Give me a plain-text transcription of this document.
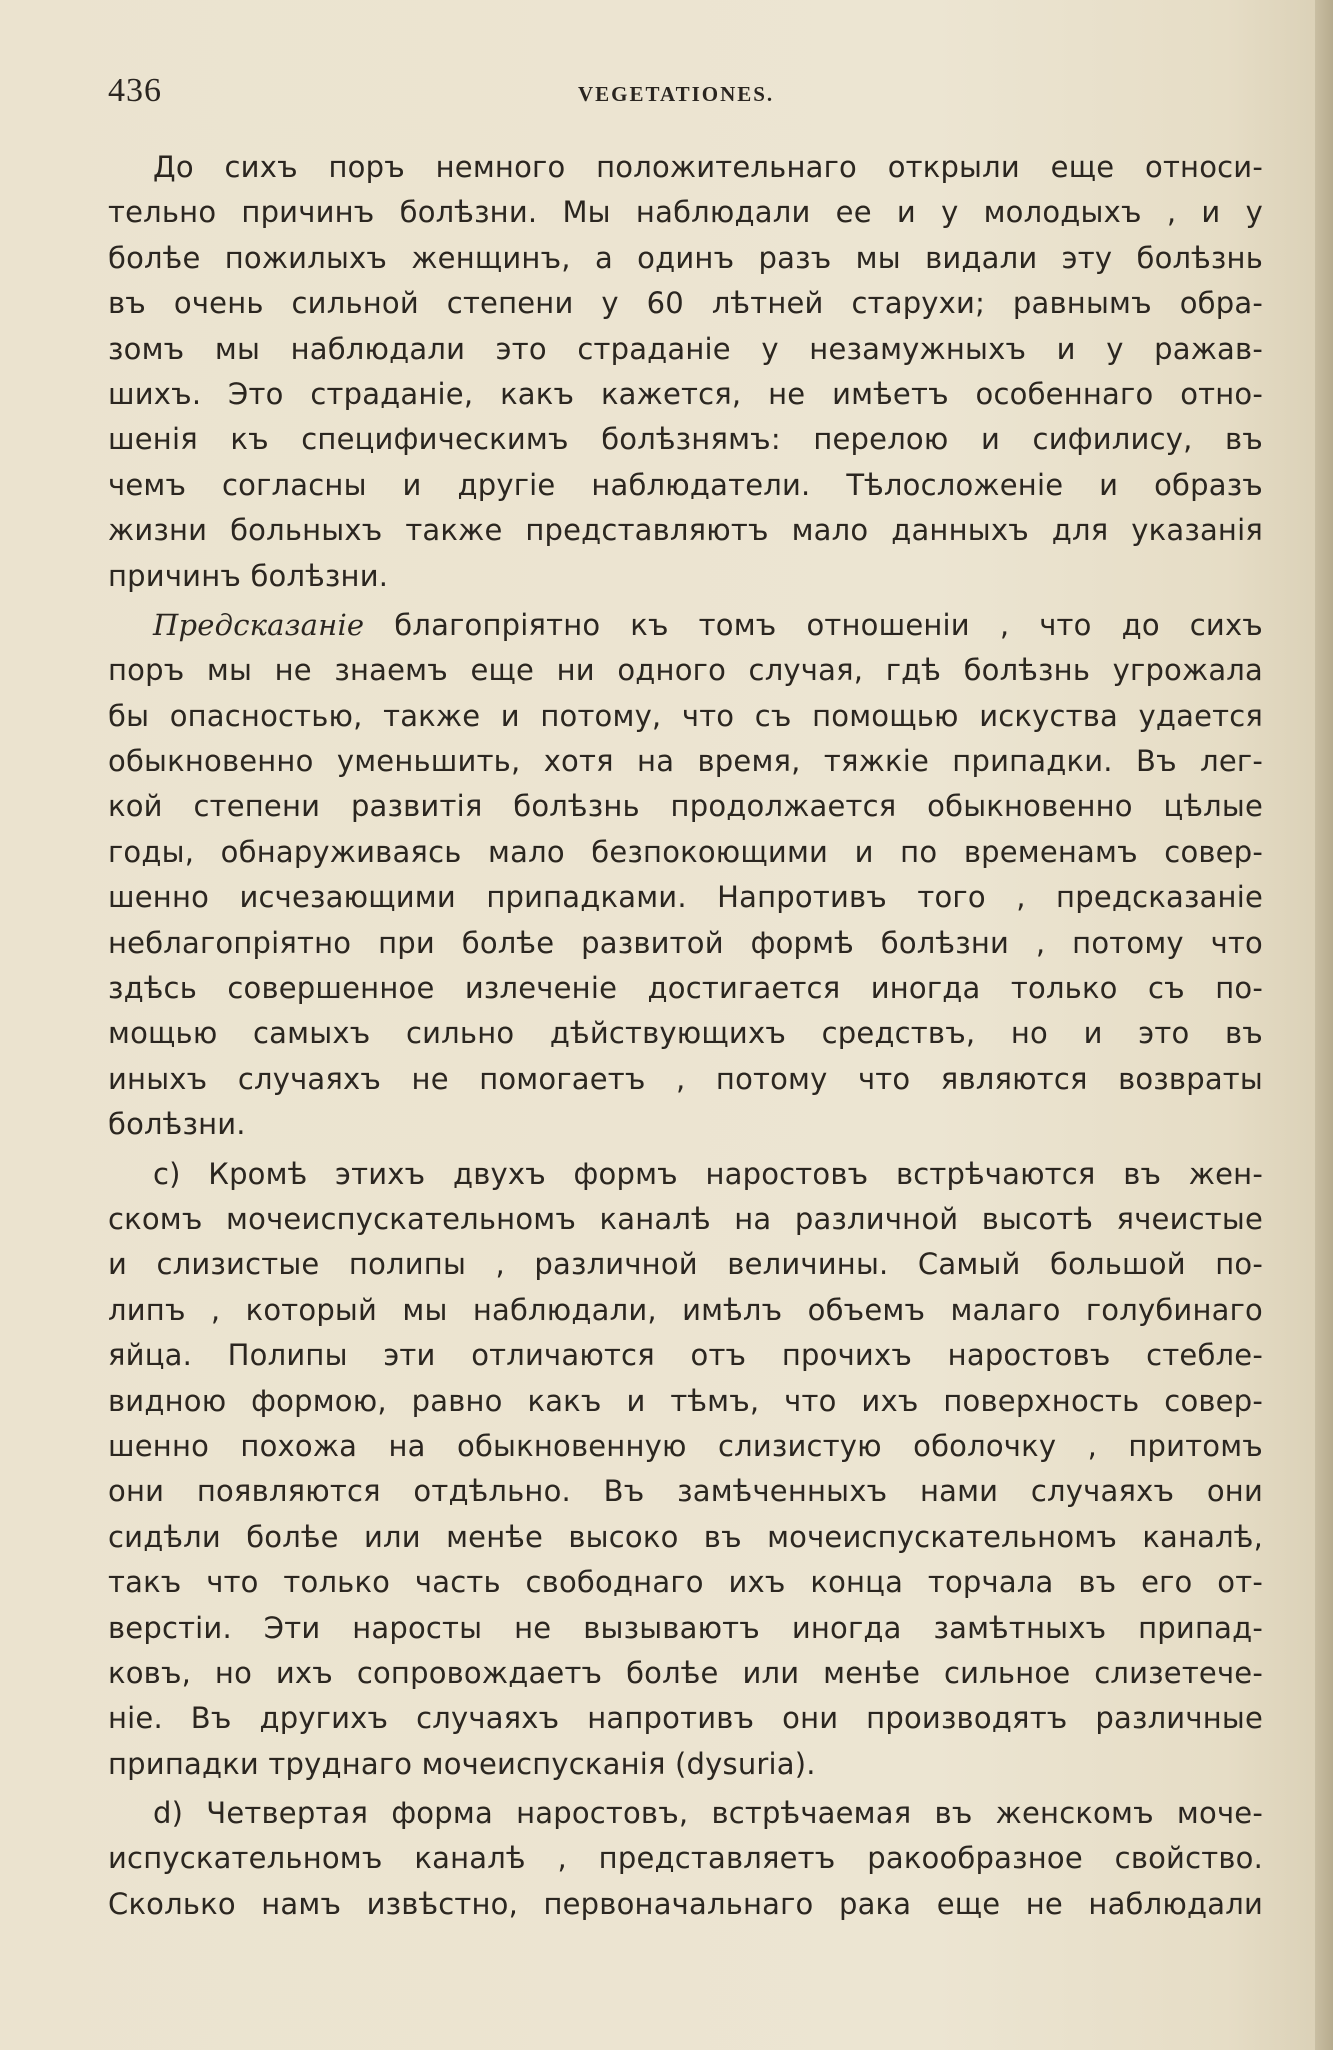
436	VEGETATIONES.
До сихъ поръ немного положительнаго открыли еще относи-
тельно причинъ болѣзни. Мы наблюдали ее и у молодыхъ , и у
болѣе пожилыхъ женщинъ, а одинъ разъ мы видали эту болѣзнь
въ очень сильной степени у 60 лѣтней старухи; равнымъ обра-
зомъ мы наблюдали это страданіе у незамужныхъ и у ражав-
шихъ. Это страданіе, какъ кажется, не имѣетъ особеннаго отно-
шенія къ специфическимъ болѣзнямъ: перелою и сифилису, въ
чемъ согласны и другіе наблюдатели. Тѣлосложеніе и образъ
жизни больныхъ также представляютъ мало данныхъ для указанія
причинъ болѣзни.
Предсказаніе благопріятно къ томъ отношеніи , что до сихъ
поръ мы не знаемъ еще ни одного случая, гдѣ болѣзнь угрожала
бы опасностью, также и потому, что съ помощью искуства удается
обыкновенно уменьшить, хотя на время, тяжкіе припадки. Въ лег-
кой степени развитія болѣзнь продолжается обыкновенно цѣлые
годы, обнаруживаясь мало безпокоющими и по временамъ совер-
шенно исчезающими припадками. Напротивъ того , предсказаніе
неблагопріятно при болѣе развитой формѣ болѣзни , потому что
здѣсь совершенное излеченіе достигается иногда только съ по-
мощью самыхъ сильно дѣйствующихъ средствъ, но и это въ
иныхъ случаяхъ не помогаетъ , потому что являются возвраты
болѣзни.
c) Кромѣ этихъ двухъ формъ наростовъ встрѣчаются въ жен-
скомъ мочеиспускательномъ каналѣ на различной высотѣ ячеистые
и слизистые полипы , различной величины. Самый большой по-
липъ , который мы наблюдали, имѣлъ объемъ малаго голубинаго
яйца. Полипы эти отличаются отъ прочихъ наростовъ стебле-
видною формою, равно какъ и тѣмъ, что ихъ поверхность совер-
шенно похожа на обыкновенную слизистую оболочку , притомъ
они появляются отдѣльно. Въ замѣченныхъ нами случаяхъ они
сидѣли болѣе или менѣе высоко въ мочеиспускательномъ каналѣ,
такъ что только часть свободнаго ихъ конца торчала въ его от-
верстіи. Эти наросты не вызываютъ иногда замѣтныхъ припад-
ковъ, но ихъ сопровождаетъ болѣе или менѣе сильное слизетече-
ніе. Въ другихъ случаяхъ напротивъ они производятъ различные
припадки труднаго мочеиспусканія (dysuria).
d) Четвертая форма наростовъ, встрѣчаемая въ женскомъ моче-
испускательномъ каналѣ , представляетъ ракообразное свойство.
Сколько намъ извѣстно, первоначальнаго рака еще не наблюдали
